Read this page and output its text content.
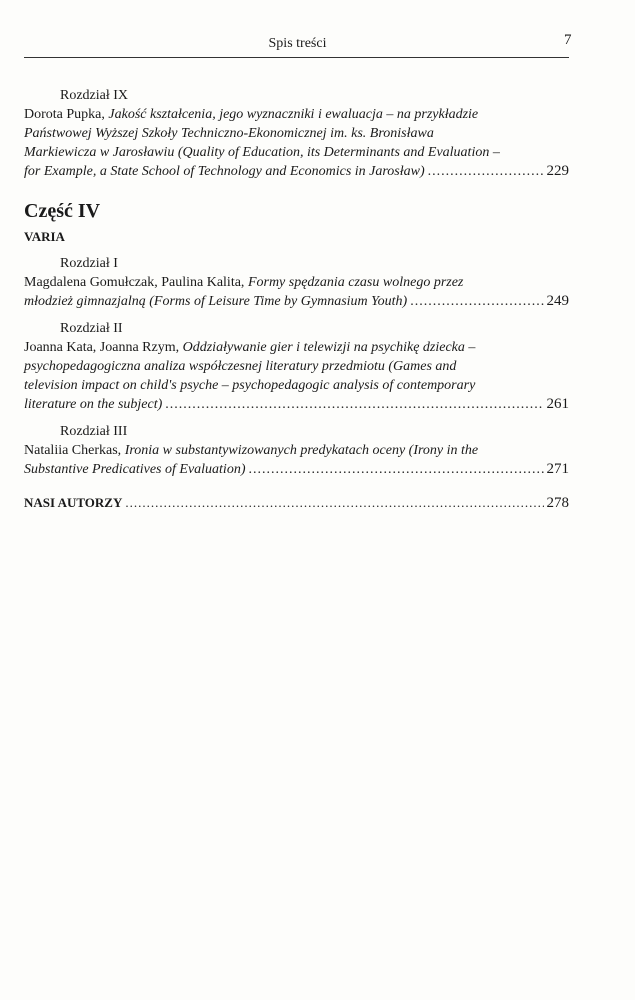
Spis treści	7
Rozdział IX
Dorota Pupka, Jakość kształcenia, jego wyznaczniki i ewaluacja – na przykładzie
Państwowej Wyższej Szkoły Techniczno-Ekonomicznej im. ks. Bronisława
Markiewicza w Jarosławiu (Quality of Education, its Determinants and Evaluation –
for Example, a State School of Technology and Economics in Jarosław) .....	229
Część IV
VARIA
Rozdział I
Magdalena Gomułczak, Paulina Kalita, Formy spędzania czasu wolnego przez
młodzież gimnazjalną (Forms of Leisure Time by Gymnasium Youth) .....	249
Rozdział II
Joanna Kata, Joanna Rzym, Oddziaływanie gier i telewizji na psychikę dziecka –
psychopedagogiczna analiza współczesnej literatury przedmiotu (Games and
television impact on child's psyche – psychopedagogic analysis of contemporary
literature on the subject) .....	261
Rozdział III
Nataliia Cherkas, Ironia w substantywizowanych predykatach oceny (Irony in the
Substantive Predicatives of Evaluation) .....	271
NASI AUTORZY .....	278
